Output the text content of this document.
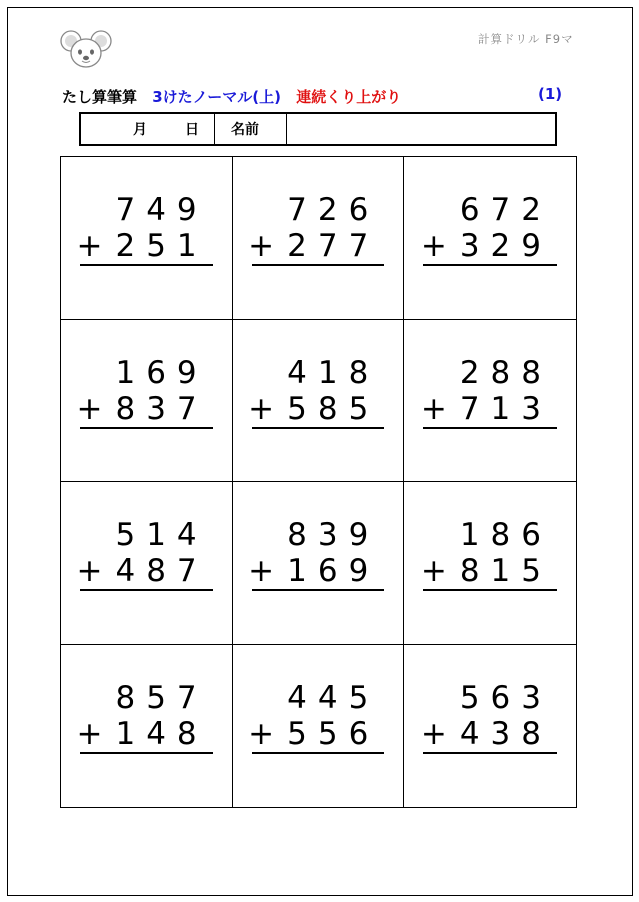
計算ドリル F9マ
たし算筆算 3けたノーマル(上) 連続くり上がり	(1)
月	日	名前
749
+251
726
+277
672
+329
169
+837
418
+585
288
+713
514
+487
839
+169
186
+815
857
+148
445
+556
563
+438
